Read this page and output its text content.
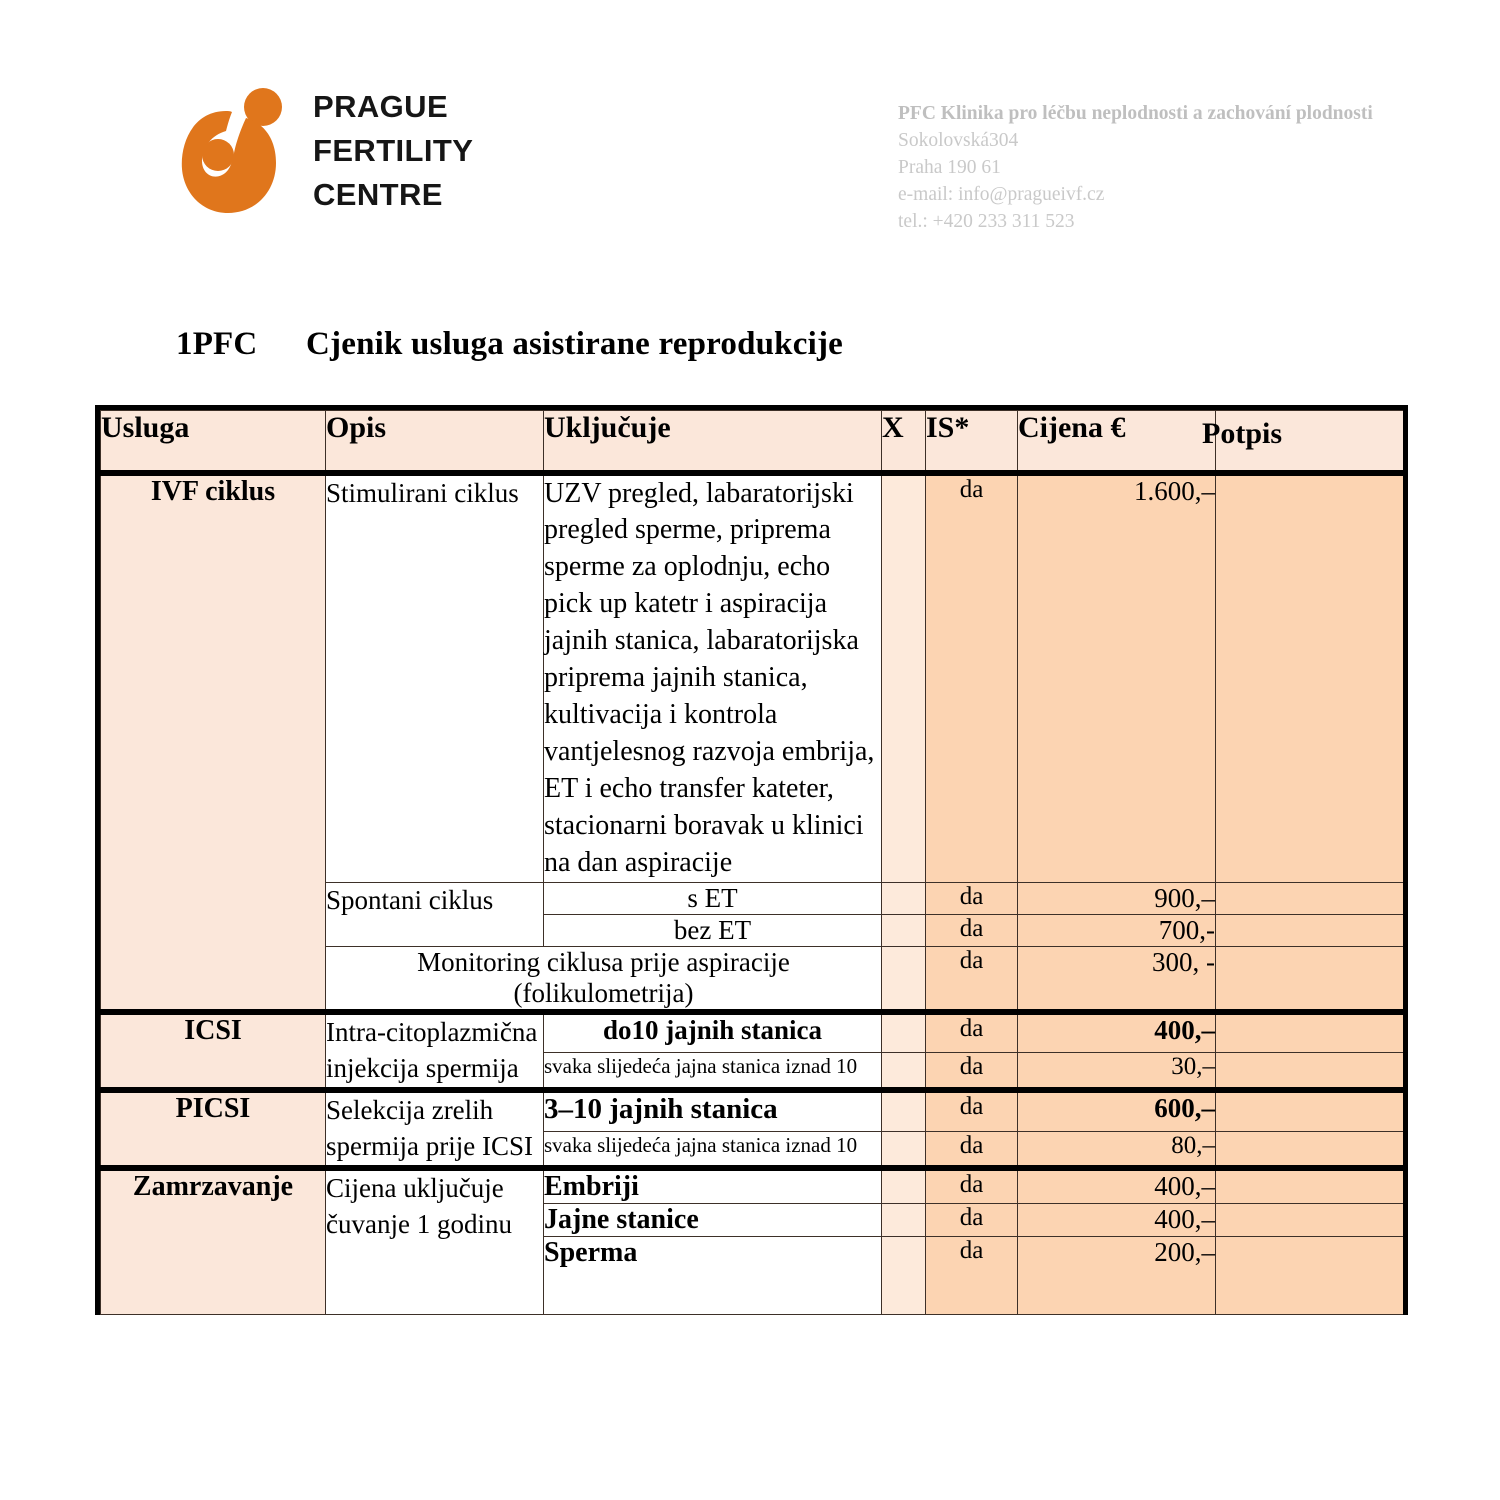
PRAGUE
FERTILITY
CENTRE
PFC Klinika pro léčbu neplodnosti a zachování plodnosti
Sokolovská304
Praha 190 61
e-mail: info@pragueivf.cz
tel.: +420 233 311 523
1PFC Cjenik usluga asistirane reprodukcije
Usluga	Opis	Uključuje	X	IS*	Cijena €	Potpis

IVF ciklus	Stimulirani ciklus	UZV pregled, labaratorijski pregled sperme, priprema sperme za oplodnju, echo pick up katetr i aspiracija jajnih stanica, labaratorijska priprema jajnih stanica, kultivacija i kontrola vantjelesnog razvoja embrija, ET i echo transfer kateter, stacionarni boravak u klinici na dan aspiracije		da	1.600,–	
	Spontani ciklus	s ET		da	900,–	
		bez ET		da	700,-	
	Monitoring ciklusa prije aspiracije (folikulometrija)			da	300, -	
ICSI	Intra-citoplazmična injekcija spermija	do10 jajnih stanica		da	400,–	
		svaka slijedeća jajna stanica iznad 10		da	30,–	
PICSI	Selekcija zrelih spermija prije ICSI	3–10 jajnih stanica		da	600,–	
		svaka slijedeća jajna stanica iznad 10		da	80,–	
Zamrzavanje	Cijena uključuje čuvanje 1 godinu	Embriji		da	400,–	
		Jajne stanice		da	400,–	
		Sperma		da	200,–	
